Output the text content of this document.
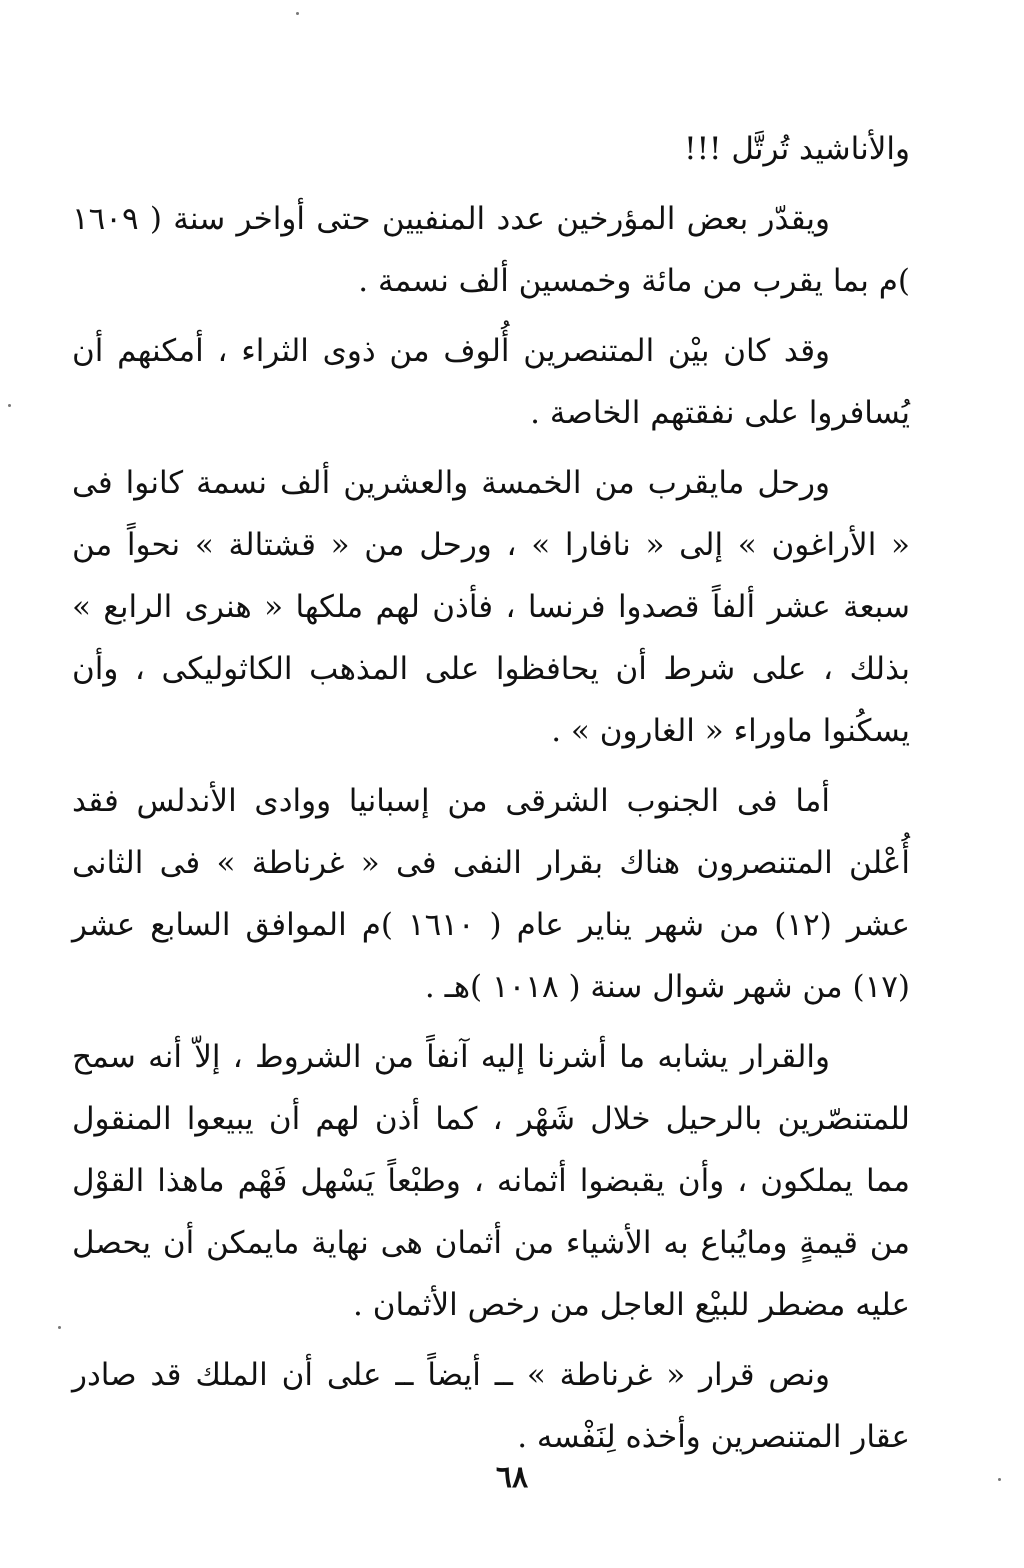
والأناشيد تُرتَّل !!!

ويقدّر بعض المؤرخين عدد المنفيين حتى أواخر سنة ( ١٦٠٩ )م بما يقرب من مائة وخمسين ألف نسمة .

وقد كان بيْن المتنصرين أُلوف من ذوى الثراء ، أمكنهم أن يُسافروا على نفقتهم الخاصة .

ورحل مايقرب من الخمسة والعشرين ألف نسمة كانوا فى « الأراغون » إلى « نافارا » ، ورحل من « قشتالة » نحواً من سبعة عشر ألفاً قصدوا فرنسا ، فأذن لهم ملكها « هنرى الرابع » بذلك ، على شرط أن يحافظوا على المذهب الكاثوليكى ، وأن يسكُنوا ماوراء « الغارون » .

أما فى الجنوب الشرقى من إسبانيا ووادى الأندلس فقد أُعْلن المتنصرون هناك بقرار النفى فى « غرناطة » فى الثانى عشر (١٢) من شهر يناير عام ( ١٦١٠ )م الموافق السابع عشر (١٧) من شهر شوال سنة ( ١٠١٨ )هـ .

والقرار يشابه ما أشرنا إليه آنفاً من الشروط ، إلاّ أنه سمح للمتنصّرين بالرحيل خلال شَهْر ، كما أذن لهم أن يبيعوا المنقول مما يملكون ، وأن يقبضوا أثمانه ، وطبْعاً يَسْهل فَهْم ماهذا القوْل من قيمةٍ ومايُباع به الأشياء من أثمان هى نهاية مايمكن أن يحصل عليه مضطر للبيْع العاجل من رخص الأثمان .

ونص قرار « غرناطة » ــ أيضاً ــ على أن الملك قد صادر عقار المتنصرين وأخذه لِنَفْسه .

٦٨
